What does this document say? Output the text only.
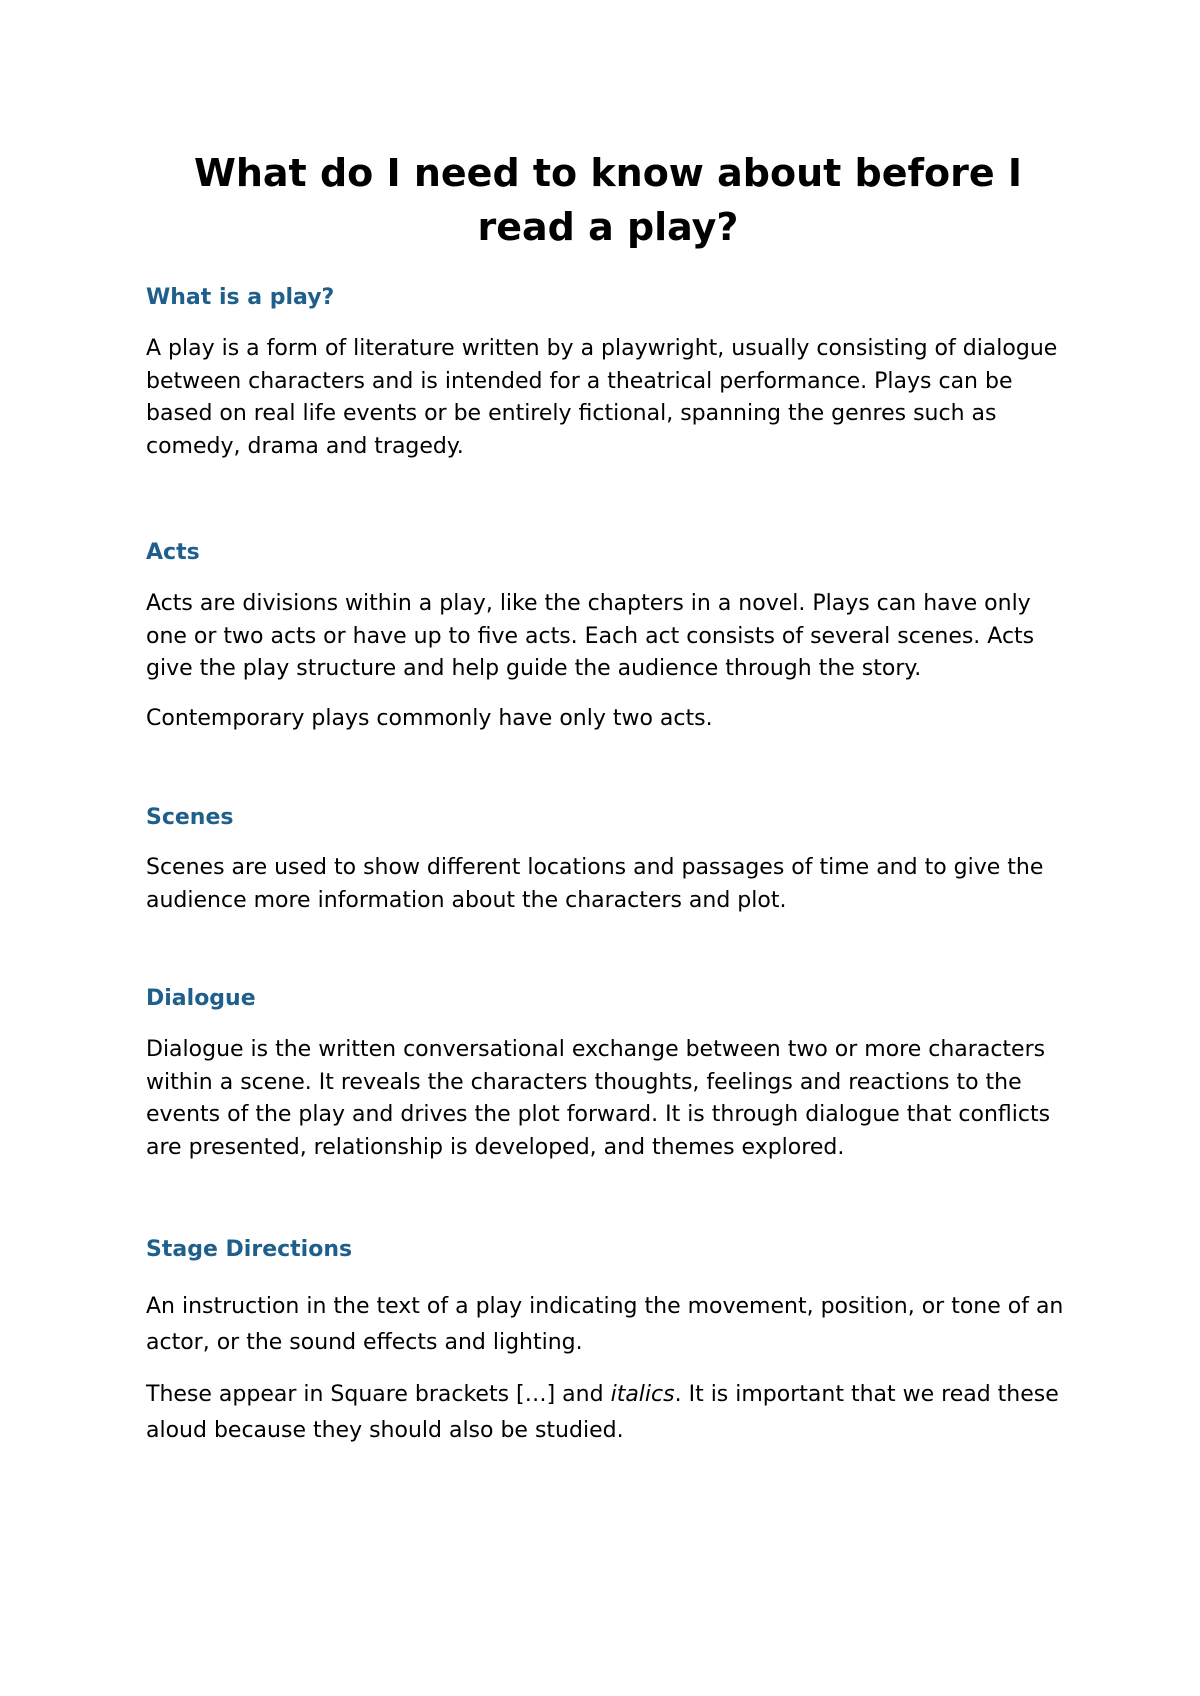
What do I need to know about before I read a play?
What is a play?

A play is a form of literature written by a playwright, usually consisting of dialogue between characters and is intended for a theatrical performance. Plays can be based on real life events or be entirely fictional, spanning the genres such as comedy, drama and tragedy.

Acts

Acts are divisions within a play, like the chapters in a novel. Plays can have only one or two acts or have up to five acts. Each act consists of several scenes. Acts give the play structure and help guide the audience through the story.

Contemporary plays commonly have only two acts.

Scenes

Scenes are used to show different locations and passages of time and to give the audience more information about the characters and plot.

Dialogue

Dialogue is the written conversational exchange between two or more characters within a scene. It reveals the characters thoughts, feelings and reactions to the events of the play and drives the plot forward. It is through dialogue that conflicts are presented, relationship is developed, and themes explored.

Stage Directions

An instruction in the text of a play indicating the movement, position, or tone of an actor, or the sound effects and lighting.

These appear in Square brackets […] and italics. It is important that we read these aloud because they should also be studied.
